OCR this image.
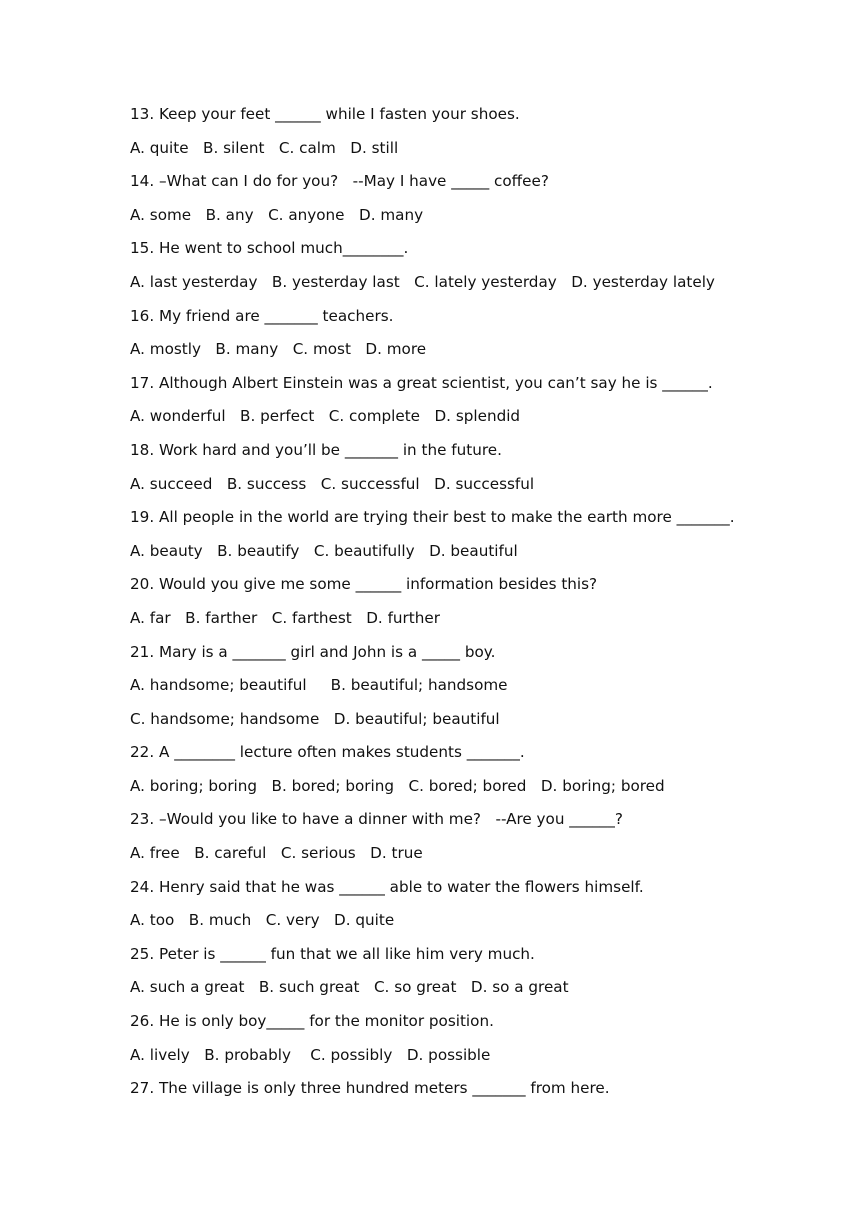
13. Keep your feet ______ while I fasten your shoes.
A. quite   B. silent   C. calm   D. still
14. –What can I do for you?   --May I have _____ coffee?
A. some   B. any   C. anyone   D. many
15. He went to school much________.
A. last yesterday   B. yesterday last   C. lately yesterday   D. yesterday lately
16. My friend are _______ teachers.
A. mostly   B. many   C. most   D. more
17. Although Albert Einstein was a great scientist, you can’t say he is ______.
A. wonderful   B. perfect   C. complete   D. splendid
18. Work hard and you’ll be _______ in the future.
A. succeed   B. success   C. successful   D. successful
19. All people in the world are trying their best to make the earth more _______.
A. beauty   B. beautify   C. beautifully   D. beautiful
20. Would you give me some ______ information besides this?
A. far   B. farther   C. farthest   D. further
21. Mary is a _______ girl and John is a _____ boy.
A. handsome; beautiful     B. beautiful; handsome
C. handsome; handsome   D. beautiful; beautiful
22. A ________ lecture often makes students _______.
A. boring; boring   B. bored; boring   C. bored; bored   D. boring; bored
23. –Would you like to have a dinner with me?   --Are you ______?
A. free   B. careful   C. serious   D. true
24. Henry said that he was ______ able to water the flowers himself.
A. too   B. much   C. very   D. quite
25. Peter is ______ fun that we all like him very much.
A. such a great   B. such great   C. so great   D. so a great
26. He is only boy_____ for the monitor position.
A. lively   B. probably    C. possibly   D. possible
27. The village is only three hundred meters _______ from here.
